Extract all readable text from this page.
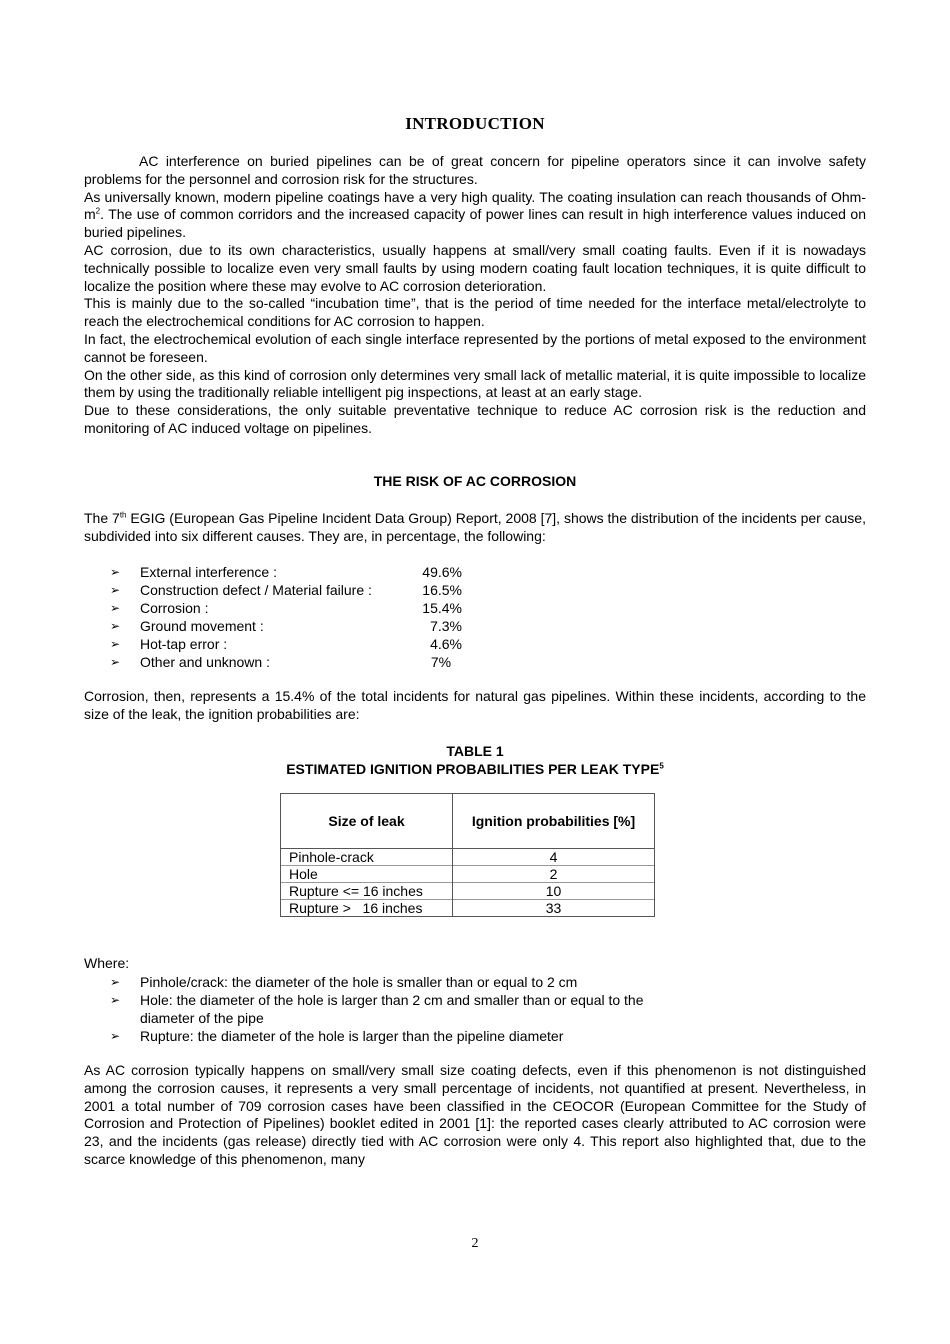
INTRODUCTION

AC interference on buried pipelines can be of great concern for pipeline operators since it can involve safety problems for the personnel and corrosion risk for the structures.

As universally known, modern pipeline coatings have a very high quality. The coating insulation can reach thousands of Ohm-$m^2$. The use of common corridors and the increased capacity of power lines can result in high interference values induced on buried pipelines.

AC corrosion, due to its own characteristics, usually happens at small/very small coating faults. Even if it is nowadays technically possible to localize even very small faults by using modern coating fault location techniques, it is quite difficult to localize the position where these may evolve to AC corrosion deterioration.

This is mainly due to the so-called “incubation time”, that is the period of time needed for the interface metal/electrolyte to reach the electrochemical conditions for AC corrosion to happen.

In fact, the electrochemical evolution of each single interface represented by the portions of metal exposed to the environment cannot be foreseen.

On the other side, as this kind of corrosion only determines very small lack of metallic material, it is quite impossible to localize them by using the traditionally reliable intelligent pig inspections, at least at an early stage.

Due to these considerations, the only suitable preventative technique to reduce AC corrosion risk is the reduction and monitoring of AC induced voltage on pipelines.

THE RISK OF AC CORROSION

The 7th EGIG (European Gas Pipeline Incident Data Group) Report, 2008 [7], shows the distribution of the incidents per cause, subdivided into six different causes. They are, in percentage, the following:

➢ External interference :	49.6%
➢ Construction defect / Material failure :	16.5%
➢ Corrosion :	15.4%
➢ Ground movement :	7.3%
➢ Hot-tap error :	4.6%
➢ Other and unknown :	7%
Corrosion, then, represents a 15.4% of the total incidents for natural gas pipelines. Within these incidents, according to the size of the leak, the ignition probabilities are:
TABLE 1
ESTIMATED IGNITION PROBABILITIES PER LEAK TYPE$^5$
Size of leak	Ignition probabilities [%]
Pinhole-crack	4
Hole	2
Rupture <= 16 inches	10
Rupture >   16 inches	33
Where:
➢ Pinhole/crack: the diameter of the hole is smaller than or equal to 2 cm
➢ Hole: the diameter of the hole is larger than 2 cm and smaller than or equal to the diameter of the pipe
➢ Rupture: the diameter of the hole is larger than the pipeline diameter
As AC corrosion typically happens on small/very small size coating defects, even if this phenomenon is not distinguished among the corrosion causes, it represents a very small percentage of incidents, not quantified at present. Nevertheless, in 2001 a total number of 709 corrosion cases have been classified in the CEOCOR (European Committee for the Study of Corrosion and Protection of Pipelines) booklet edited in 2001 [1]: the reported cases clearly attributed to AC corrosion were 23, and the incidents (gas release) directly tied with AC corrosion were only 4. This report also highlighted that, due to the scarce knowledge of this phenomenon, many
2
